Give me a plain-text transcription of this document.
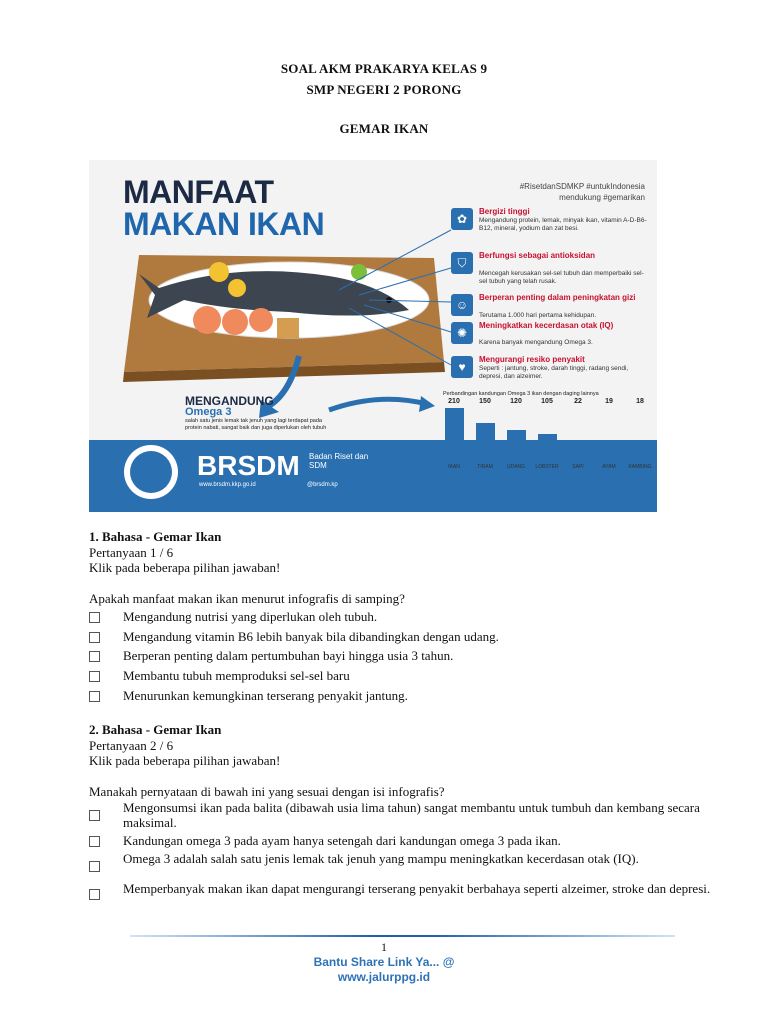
SOAL AKM PRAKARYA KELAS 9
SMP NEGERI 2 PORONG
GEMAR IKAN
MANFAAT
MAKAN IKAN
#RisetdanSDMKP #untukIndonesia
mendukung #gemarikan
✿
Bergizi tinggi
Mengandung protein, lemak, minyak ikan, vitamin A-D-B6-B12, mineral, yodium dan zat besi.
⛉
Berfungsi sebagai antioksidan
Mencegah kerusakan sel-sel tubuh dan memperbaiki sel-sel tubuh yang telah rusak.
☺
Berperan penting dalam peningkatan gizi
Terutama 1.000 hari pertama kehidupan.
✺
Meningkatkan kecerdasan otak (IQ)
Karena banyak mengandung Omega 3.
♥
Mengurangi resiko penyakit
Seperti : jantung, stroke, darah tinggi, radang sendi, depresi, dan alzeimer.
MENGANDUNG
Omega 3
salah satu jenis lemak tak jenuh yang lagi terdapat pada protein nabati, sangat baik dan juga diperlukan oleh tubuh
Perbandingan kandungan Omega 3 ikan dengan daging lainnya
210
IKAN
150
TIRAM
120
UDANG
105
LOBSTER
22
SAPI
19
AYAM
18
KAMBING
BRSDM Badan Riset dan SDM
www.brsdm.kkp.go.id	@brsdm.kp
1. Bahasa - Gemar Ikan
Pertanyaan 1 / 6
Klik pada beberapa pilihan jawaban!
Apakah manfaat makan ikan menurut infografis di samping?
Mengandung nutrisi yang diperlukan oleh tubuh.
Mengandung vitamin B6 lebih banyak bila dibandingkan dengan udang.
Berperan penting dalam pertumbuhan bayi hingga usia 3 tahun.
Membantu tubuh memproduksi sel-sel baru
Menurunkan kemungkinan terserang penyakit jantung.
2. Bahasa - Gemar Ikan
Pertanyaan 2 / 6
Klik pada beberapa pilihan jawaban!
Manakah pernyataan di bawah ini yang sesuai dengan isi infografis?
Mengonsumsi ikan pada balita (dibawah usia lima tahun) sangat membantu untuk tumbuh dan kembang secara maksimal.
Kandungan omega 3 pada ayam hanya setengah dari kandungan omega 3 pada ikan.
Omega 3 adalah salah satu jenis lemak tak jenuh yang mampu meningkatkan kecerdasan otak (IQ).
Memperbanyak makan ikan dapat mengurangi terserang penyakit berbahaya seperti alzeimer, stroke dan depresi.
1
Bantu Share Link Ya... @
www.jalurppg.id
